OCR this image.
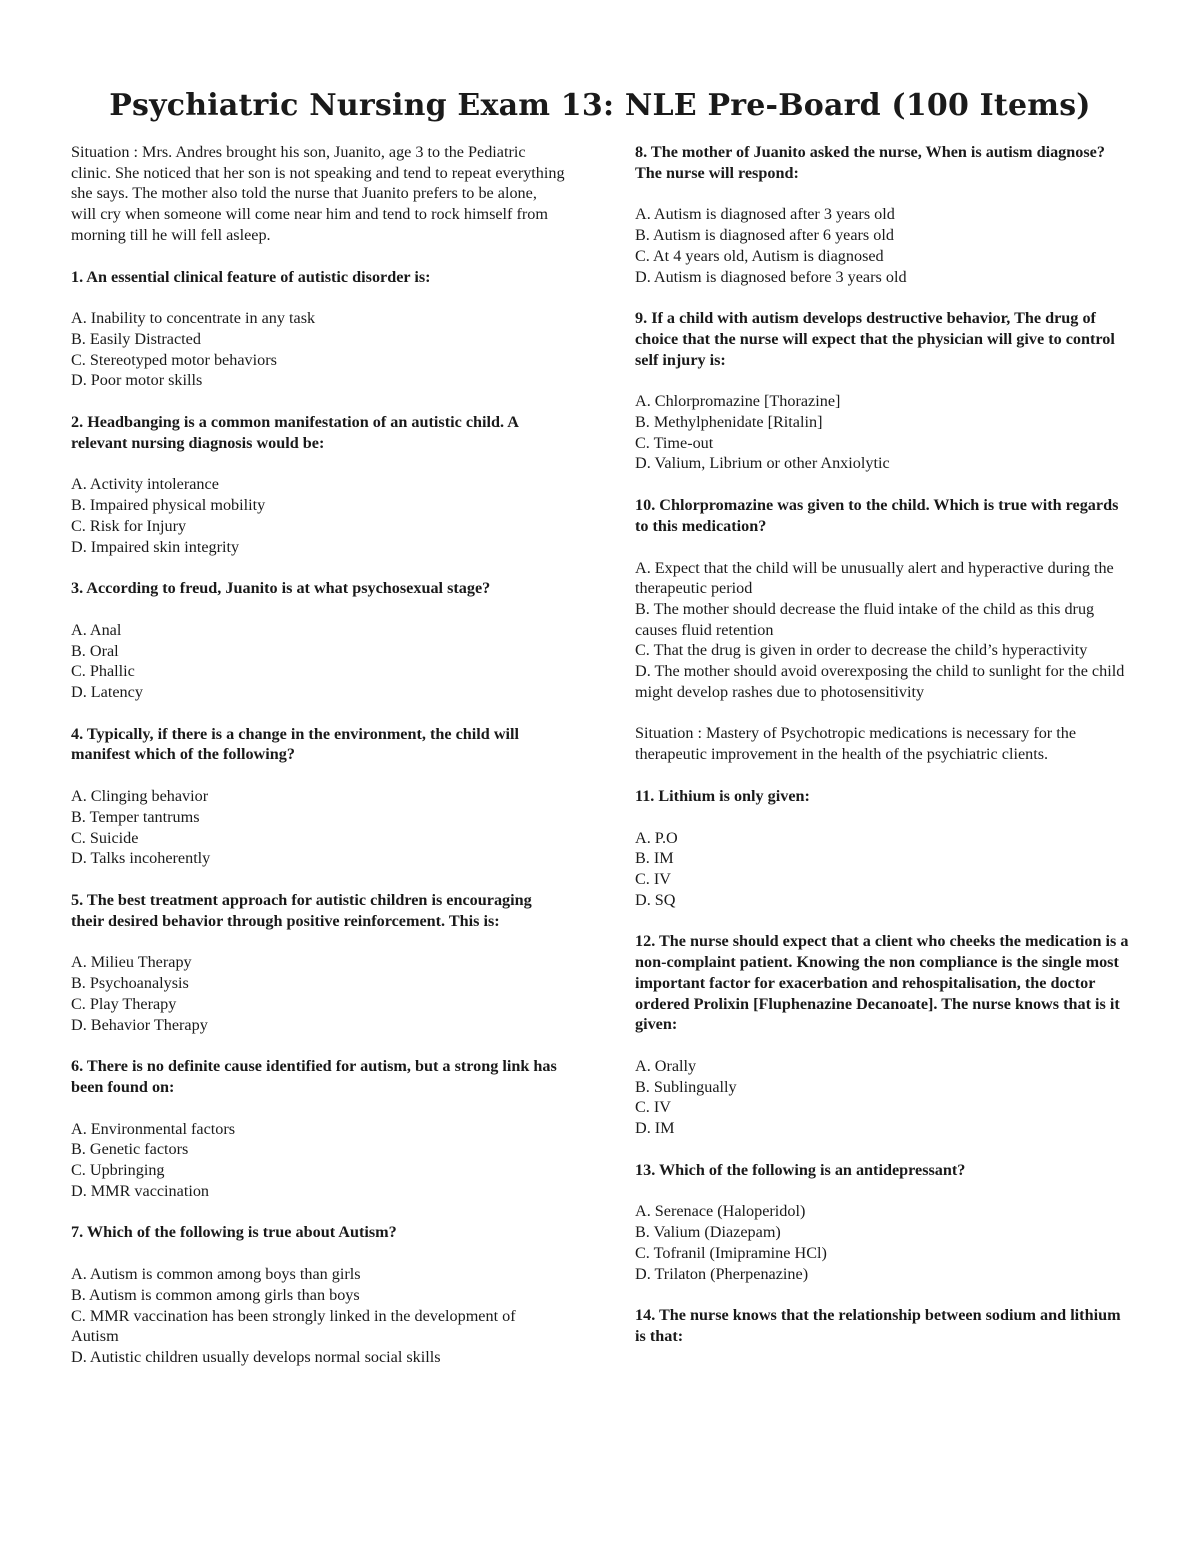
Psychiatric Nursing Exam 13: NLE Pre-Board (100 Items)

Situation : Mrs. Andres brought his son, Juanito, age 3 to the Pediatric clinic. She noticed that her son is not speaking and tend to repeat everything she says. The mother also told the nurse that Juanito prefers to be alone, will cry when someone will come near him and tend to rock himself from morning till he will fell asleep.

1. An essential clinical feature of autistic disorder is:

A. Inability to concentrate in any task
B. Easily Distracted
C. Stereotyped motor behaviors
D. Poor motor skills

2. Headbanging is a common manifestation of an autistic child. A relevant nursing diagnosis would be:

A. Activity intolerance
B. Impaired physical mobility
C. Risk for Injury
D. Impaired skin integrity

3. According to freud, Juanito is at what psychosexual stage?

A. Anal
B. Oral
C. Phallic
D. Latency

4. Typically, if there is a change in the environment, the child will manifest which of the following?

A. Clinging behavior
B. Temper tantrums
C. Suicide
D. Talks incoherently

5. The best treatment approach for autistic children is encouraging their desired behavior through positive reinforcement. This is:

A. Milieu Therapy
B. Psychoanalysis
C. Play Therapy
D. Behavior Therapy

6. There is no definite cause identified for autism, but a strong link has been found on:

A. Environmental factors
B. Genetic factors
C. Upbringing
D. MMR vaccination

7. Which of the following is true about Autism?

A. Autism is common among boys than girls
B. Autism is common among girls than boys
C. MMR vaccination has been strongly linked in the development of Autism
D. Autistic children usually develops normal social skills

8. The mother of Juanito asked the nurse, When is autism diagnose? The nurse will respond:

A. Autism is diagnosed after 3 years old
B. Autism is diagnosed after 6 years old
C. At 4 years old, Autism is diagnosed
D. Autism is diagnosed before 3 years old

9. If a child with autism develops destructive behavior, The drug of choice that the nurse will expect that the physician will give to control self injury is:

A. Chlorpromazine [Thorazine]
B. Methylphenidate [Ritalin]
C. Time-out
D. Valium, Librium or other Anxiolytic

10. Chlorpromazine was given to the child. Which is true with regards to this medication?

A. Expect that the child will be unusually alert and hyperactive during the therapeutic period
B. The mother should decrease the fluid intake of the child as this drug causes fluid retention
C. That the drug is given in order to decrease the child’s hyperactivity
D. The mother should avoid overexposing the child to sunlight for the child might develop rashes due to photosensitivity

Situation : Mastery of Psychotropic medications is necessary for the therapeutic improvement in the health of the psychiatric clients.

11. Lithium is only given:

A. P.O
B. IM
C. IV
D. SQ

12. The nurse should expect that a client who cheeks the medication is a non-complaint patient. Knowing the non compliance is the single most important factor for exacerbation and rehospitalisation, the doctor ordered Prolixin [Fluphenazine Decanoate]. The nurse knows that is it given:

A. Orally
B. Sublingually
C. IV
D. IM

13. Which of the following is an antidepressant?

A. Serenace (Haloperidol)
B. Valium (Diazepam)
C. Tofranil (Imipramine HCl)
D. Trilaton (Pherpenazine)

14. The nurse knows that the relationship between sodium and lithium is that:
